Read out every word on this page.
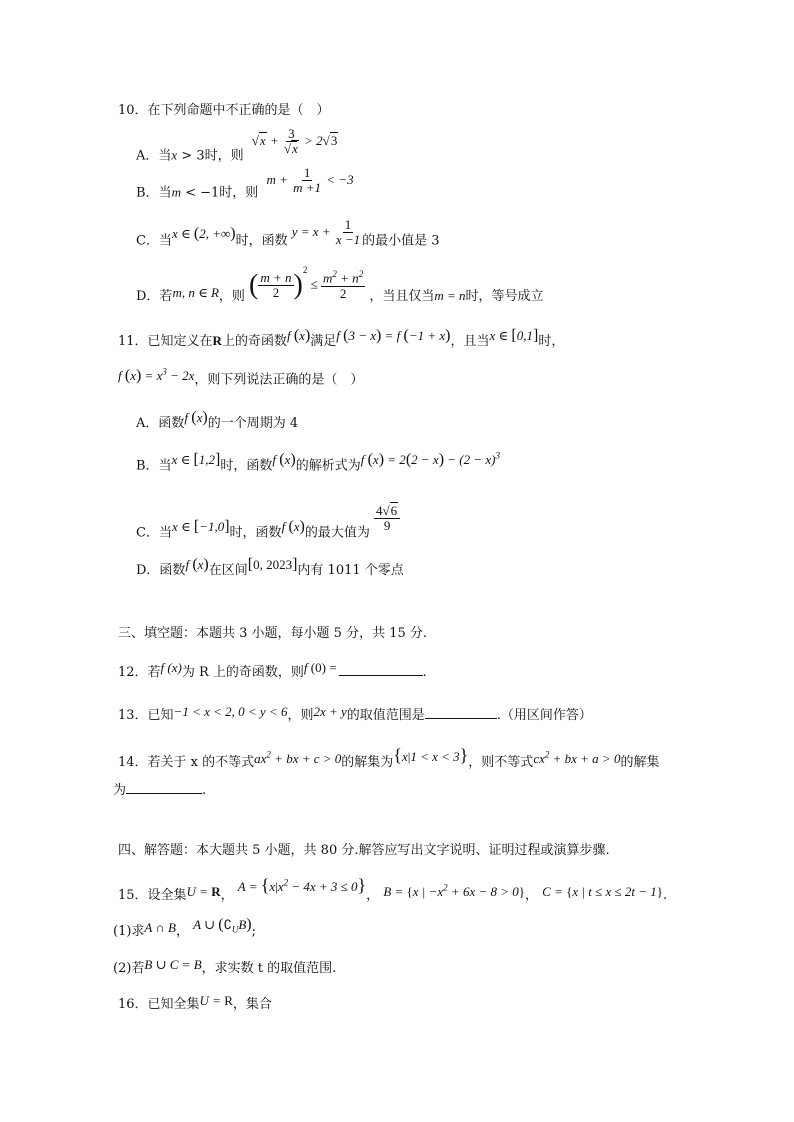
10．在下列命题中不正确的是（　）
A．当x > 3时，则 $√x + \frac{3}{√x} > 2√3$
B．当m < −1时，则 $m + \frac{1}{m +1} < -3$
C．当x ∈ (2, +∞)时，函数 $y = x + \frac{1}{x -1}$ 的最小值是 3
D．若m, n ∈ R，则 ( $\frac{m + n}{2} )^2 \le \frac{m^2 + n^2}{2}$ ，当且仅当m = n时，等号成立
11．已知定义在R上的奇函数f (x)满足f (3 − x) = f (−1 + x)，且当x ∈ [0,1]时，
f $(x) = x^3 - 2x$，则下列说法正确的是（　）
A．函数f (x)的一个周期为 4
B．当x ∈ [1,2]时，函数f (x)的解析式为f $(x) = 2(2 - x) - (2 - x)^3$
C．当x ∈ [−1,0]时，函数f (x)的最大值为 $\frac{4√6}{9}$
D．函数f (x)在区间[0, 2023]内有 1011 个零点
三、填空题：本题共 3 小题，每小题 5 分，共 15 分.
12．若f (x)为 R 上的奇函数，则f (0) =	.
13．已知−1 < x < 2, 0 < y < 6，则2x + y的取值范围是	.（用区间作答）
14．若关于 x 的不等式$ax^2$ + bx + c > 0的解集为{x|1 < x < 3}，则不等式$cx^2$ + bx + a > 0的解集
为	.
四、解答题：本大题共 5 小题，共 80 分.解答应写出文字说明、证明过程或演算步骤.
15．设全集U = R， $A = \{x|x^2 - 4x + 3 \le 0\}$， B = {x | $-x^2 + 6x - 8 > 0$}， C = {x | t ≤ x ≤ 2t − 1}.
(1)求A ∩ B， A ∪ $(∁_UB)$;
(2)若B ∪ C = B，求实数 t 的取值范围.
16．已知全集U = R，集合
